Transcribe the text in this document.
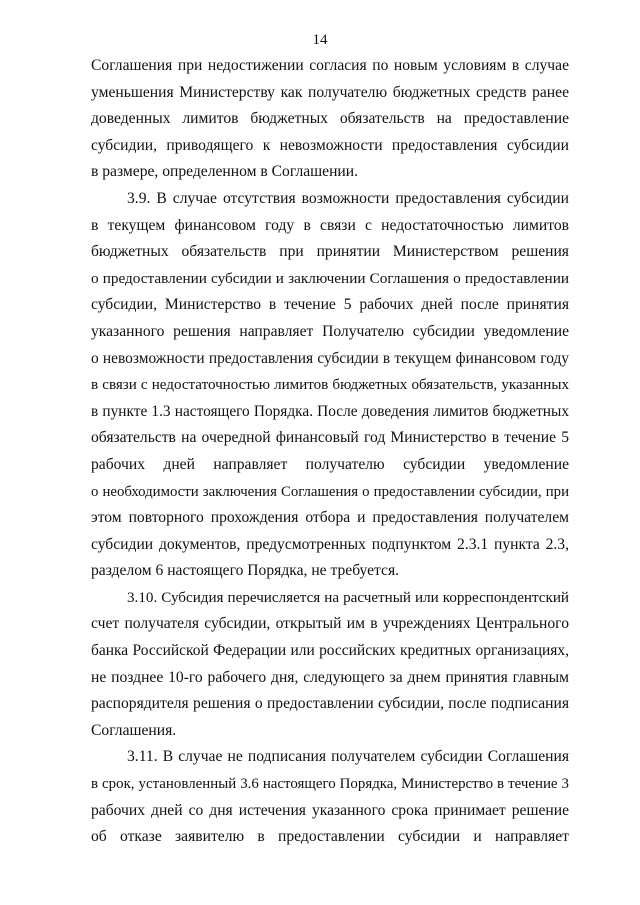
14
Соглашения при недостижении согласия по новым условиям в случае
уменьшения Министерству как получателю бюджетных средств ранее
доведенных лимитов бюджетных обязательств на предоставление
субсидии, приводящего к невозможности предоставления субсидии
в размере, определенном в Соглашении.
3.9. В случае отсутствия возможности предоставления субсидии
в текущем финансовом году в связи с недостаточностью лимитов
бюджетных обязательств при принятии Министерством решения
о предоставлении субсидии и заключении Соглашения о предоставлении
субсидии, Министерство в течение 5 рабочих дней после принятия
указанного решения направляет Получателю субсидии уведомление
о невозможности предоставления субсидии в текущем финансовом году
в связи с недостаточностью лимитов бюджетных обязательств, указанных
в пункте 1.3 настоящего Порядка. После доведения лимитов бюджетных
обязательств на очередной финансовый год Министерство в течение 5
рабочих дней направляет получателю субсидии уведомление
о необходимости заключения Соглашения о предоставлении субсидии, при
этом повторного прохождения отбора и предоставления получателем
субсидии документов, предусмотренных подпунктом 2.3.1 пункта 2.3,
разделом 6 настоящего Порядка, не требуется.
3.10. Субсидия перечисляется на расчетный или корреспондентский
счет получателя субсидии, открытый им в учреждениях Центрального
банка Российской Федерации или российских кредитных организациях,
не позднее 10-го рабочего дня, следующего за днем принятия главным
распорядителя решения о предоставлении субсидии, после подписания
Соглашения.
3.11. В случае не подписания получателем субсидии Соглашения
в срок, установленный 3.6 настоящего Порядка, Министерство в течение 3
рабочих дней со дня истечения указанного срока принимает решение
об отказе заявителю в предоставлении субсидии и направляет
